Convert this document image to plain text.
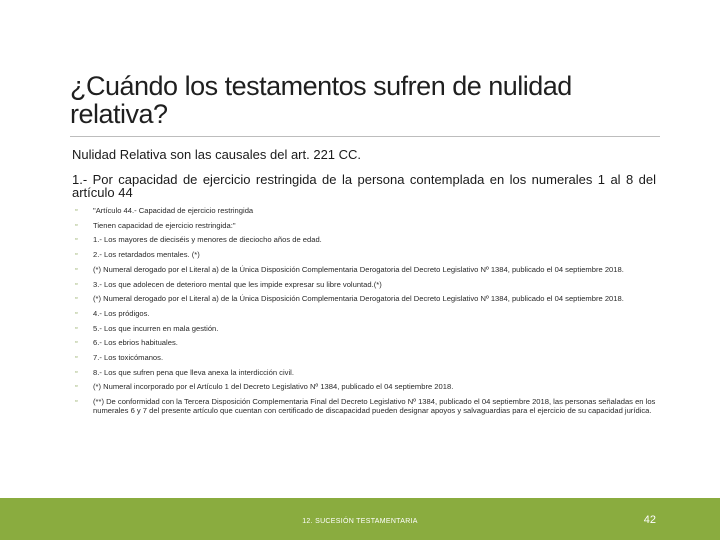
¿Cuándo los testamentos sufren de nulidad relativa?
Nulidad Relativa son las causales del art. 221 CC.
1.- Por capacidad de ejercicio restringida de la persona contemplada en los numerales 1 al 8 del artículo 44
▫ "Artículo 44.- Capacidad de ejercicio restringida
▫ Tienen capacidad de ejercicio restringida:"
▫ 1.- Los mayores de dieciséis y menores de dieciocho años de edad.
▫ 2.- Los retardados mentales. (*)
▫ (*) Numeral derogado por el Literal a) de la Única Disposición Complementaria Derogatoria del Decreto Legislativo Nº 1384, publicado el 04 septiembre 2018.
▫ 3.- Los que adolecen de deterioro mental que les impide expresar su libre voluntad.(*)
▫ (*) Numeral derogado por el Literal a) de la Única Disposición Complementaria Derogatoria del Decreto Legislativo Nº 1384, publicado el 04 septiembre 2018.
▫ 4.- Los pródigos.
▫ 5.- Los que incurren en mala gestión.
▫ 6.- Los ebrios habituales.
▫ 7.- Los toxicómanos.
▫ 8.- Los que sufren pena que lleva anexa la interdicción civil.
▫ (*) Numeral incorporado por el Artículo 1 del Decreto Legislativo Nº 1384, publicado el 04 septiembre 2018.
▫ (**) De conformidad con la Tercera Disposición Complementaria Final del Decreto Legislativo Nº 1384, publicado el 04 septiembre 2018, las personas señaladas en los numerales 6 y 7 del presente artículo que cuentan con certificado de discapacidad pueden designar apoyos y salvaguardias para el ejercicio de su capacidad jurídica.
12. SUCESIÓN TESTAMENTARIA	42
